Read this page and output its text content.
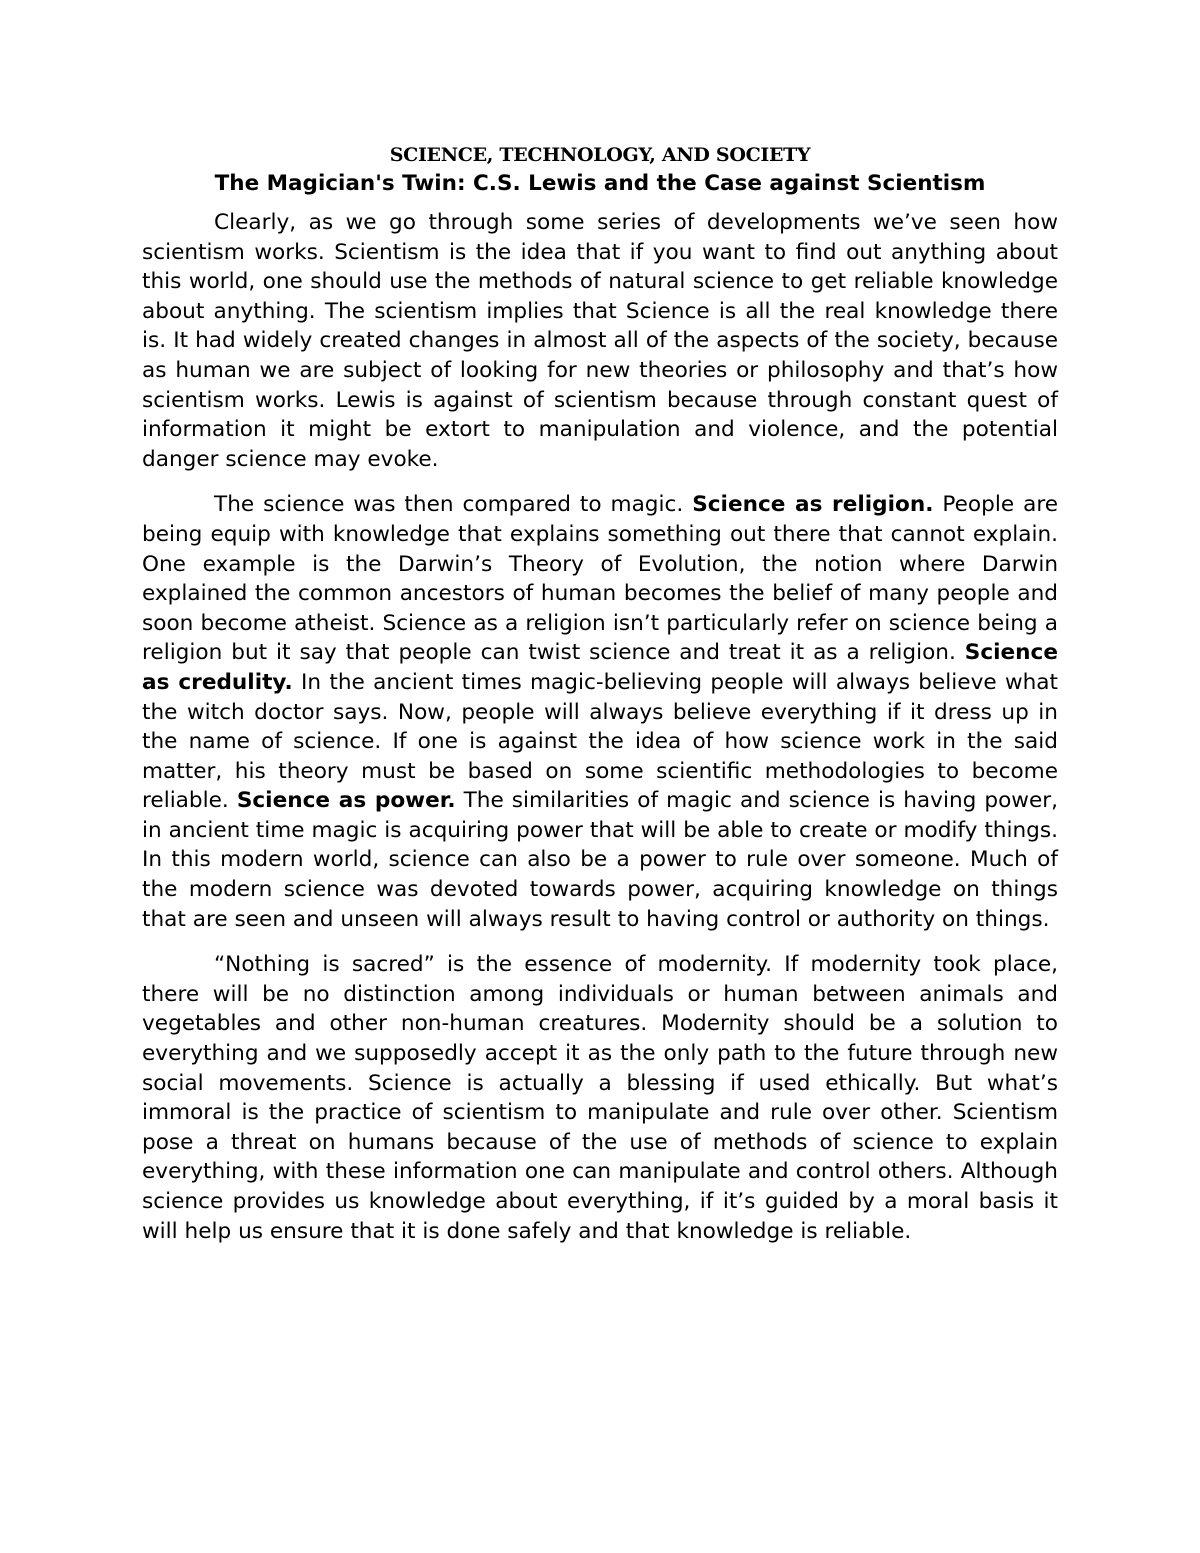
SCIENCE, TECHNOLOGY, AND SOCIETY
The Magician's Twin: C.S. Lewis and the Case against Scientism

Clearly, as we go through some series of developments we’ve seen how scientism works. Scientism is the idea that if you want to find out anything about this world, one should use the methods of natural science to get reliable knowledge about anything. The scientism implies that Science is all the real knowledge there is. It had widely created changes in almost all of the aspects of the society, because as human we are subject of looking for new theories or philosophy and that’s how scientism works. Lewis is against of scientism because through constant quest of information it might be extort to manipulation and violence, and the potential danger science may evoke.

The science was then compared to magic. Science as religion. People are being equip with knowledge that explains something out there that cannot explain. One example is the Darwin’s Theory of Evolution, the notion where Darwin explained the common ancestors of human becomes the belief of many people and soon become atheist. Science as a religion isn’t particularly refer on science being a religion but it say that people can twist science and treat it as a religion. Science as credulity. In the ancient times magic-believing people will always believe what the witch doctor says. Now, people will always believe everything if it dress up in the name of science. If one is against the idea of how science work in the said matter, his theory must be based on some scientific methodologies to become reliable. Science as power. The similarities of magic and science is having power, in ancient time magic is acquiring power that will be able to create or modify things. In this modern world, science can also be a power to rule over someone. Much of the modern science was devoted towards power, acquiring knowledge on things that are seen and unseen will always result to having control or authority on things.

“Nothing is sacred” is the essence of modernity. If modernity took place, there will be no distinction among individuals or human between animals and vegetables and other non-human creatures. Modernity should be a solution to everything and we supposedly accept it as the only path to the future through new social movements. Science is actually a blessing if used ethically. But what’s immoral is the practice of scientism to manipulate and rule over other. Scientism pose a threat on humans because of the use of methods of science to explain everything, with these information one can manipulate and control others. Although science provides us knowledge about everything, if it’s guided by a moral basis it will help us ensure that it is done safely and that knowledge is reliable.
